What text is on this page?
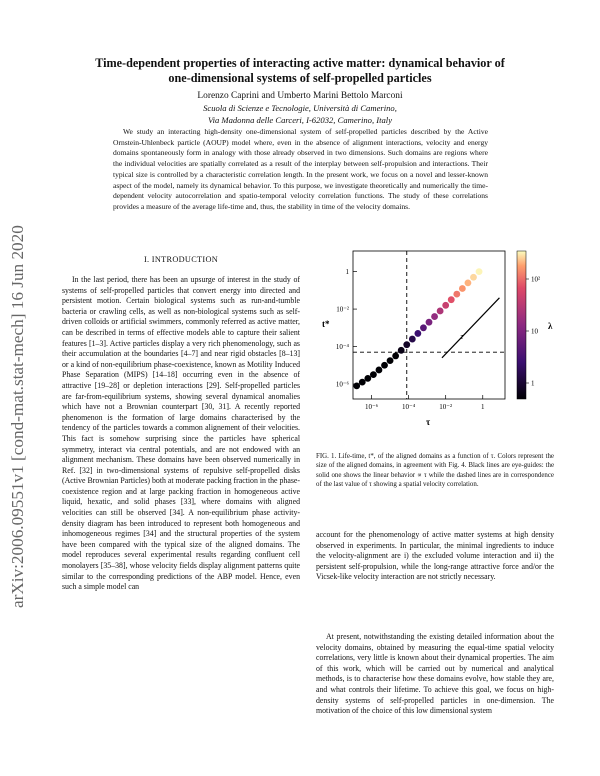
arXiv:2006.09551v1 [cond-mat.stat-mech] 16 Jun 2020
Time-dependent properties of interacting active matter: dynamical behavior of
one-dimensional systems of self-propelled particles
Lorenzo Caprini and Umberto Marini Bettolo Marconi
Scuola di Scienze e Tecnologie, Università di Camerino,
Via Madonna delle Carceri, I-62032, Camerino, Italy

We study an interacting high-density one-dimensional system of self-propelled particles described by the Active Ornstein-Uhlenbeck particle (AOUP) model where, even in the absence of alignment interactions, velocity and energy domains spontaneously form in analogy with those already observed in two dimensions. Such domains are regions where the individual velocities are spatially correlated as a result of the interplay between self-propulsion and interactions. Their typical size is controlled by a characteristic correlation length. In the present work, we focus on a novel and lesser-known aspect of the model, namely its dynamical behavior. To this purpose, we investigate theoretically and numerically the time-dependent velocity autocorrelation and spatio-temporal velocity correlation functions. The study of these correlations provides a measure of the average life-time and, thus, the stability in time of the velocity domains.

I. INTRODUCTION

In the last period, there has been an upsurge of interest in the study of systems of self-propelled particles that convert energy into directed and persistent motion. Certain biological systems such as run-and-tumble bacteria or crawling cells, as well as non-biological systems such as self-driven colloids or artificial swimmers, commonly referred as active matter, can be described in terms of effective models able to capture their salient features [1–3]. Active particles display a very rich phenomenology, such as their accumulation at the boundaries [4–7] and near rigid obstacles [8–13] or a kind of non-equilibrium phase-coexistence, known as Motility Induced Phase Separation (MIPS) [14–18] occurring even in the absence of attractive [19–28] or depletion interactions [29]. Self-propelled particles are far-from-equilibrium systems, showing several dynamical anomalies which have not a Brownian counterpart [30, 31]. A recently reported phenomenon is the formation of large domains characterised by the tendency of the particles towards a common alignement of their velocities. This fact is somehow surprising since the particles have spherical symmetry, interact via central potentials, and are not endowed with an alignment mechanism. These domains have been observed numerically in Ref. [32] in two-dimensional systems of repulsive self-propelled disks (Active Brownian Particles) both at moderate packing fraction in the phase-coexistence region and at large packing fraction in homogeneous active liquid, hexatic, and solid phases [33], where domains with aligned velocities can still be observed [34]. A non-equilibrium phase activity-density diagram has been introduced to represent both homogeneous and inhomogeneous regimes [34] and the structural properties of the system have been compared with the typical size of the aligned domains. The model reproduces several experimental results regarding confluent cell monolayers [35–38], whose velocity fields display alignment patterns quite similar to the corresponding predictions of the ABP model. Hence, even such a simple model can

1
10⁻²
10⁻⁴
10⁻⁶
10⁻⁶	10⁻⁴	10⁻²	1
τ
t*
τ
10²
10
1
λ

FIG. 1. Life-time, t*, of the aligned domains as a function of τ. Colors represent the size of the aligned domains, in agreement with Fig. 4. Black lines are eye-guides: the solid one shows the linear behavior ∝ τ while the dashed lines are in correspondence of the last value of τ showing a spatial velocity correlation.

account for the phenomenology of active matter systems at high density observed in experiments. In particular, the minimal ingredients to induce the velocity-alignment are i) the excluded volume interaction and ii) the persistent self-propulsion, while the long-range attractive force and/or the Vicsek-like velocity interaction are not strictly necessary.

At present, notwithstanding the existing detailed information about the velocity domains, obtained by measuring the equal-time spatial velocity correlations, very little is known about their dynamical properties. The aim of this work, which will be carried out by numerical and analytical methods, is to characterise how these domains evolve, how stable they are, and what controls their lifetime. To achieve this goal, we focus on high-density systems of self-propelled particles in one-dimension. The motivation of the choice of this low dimensional system
